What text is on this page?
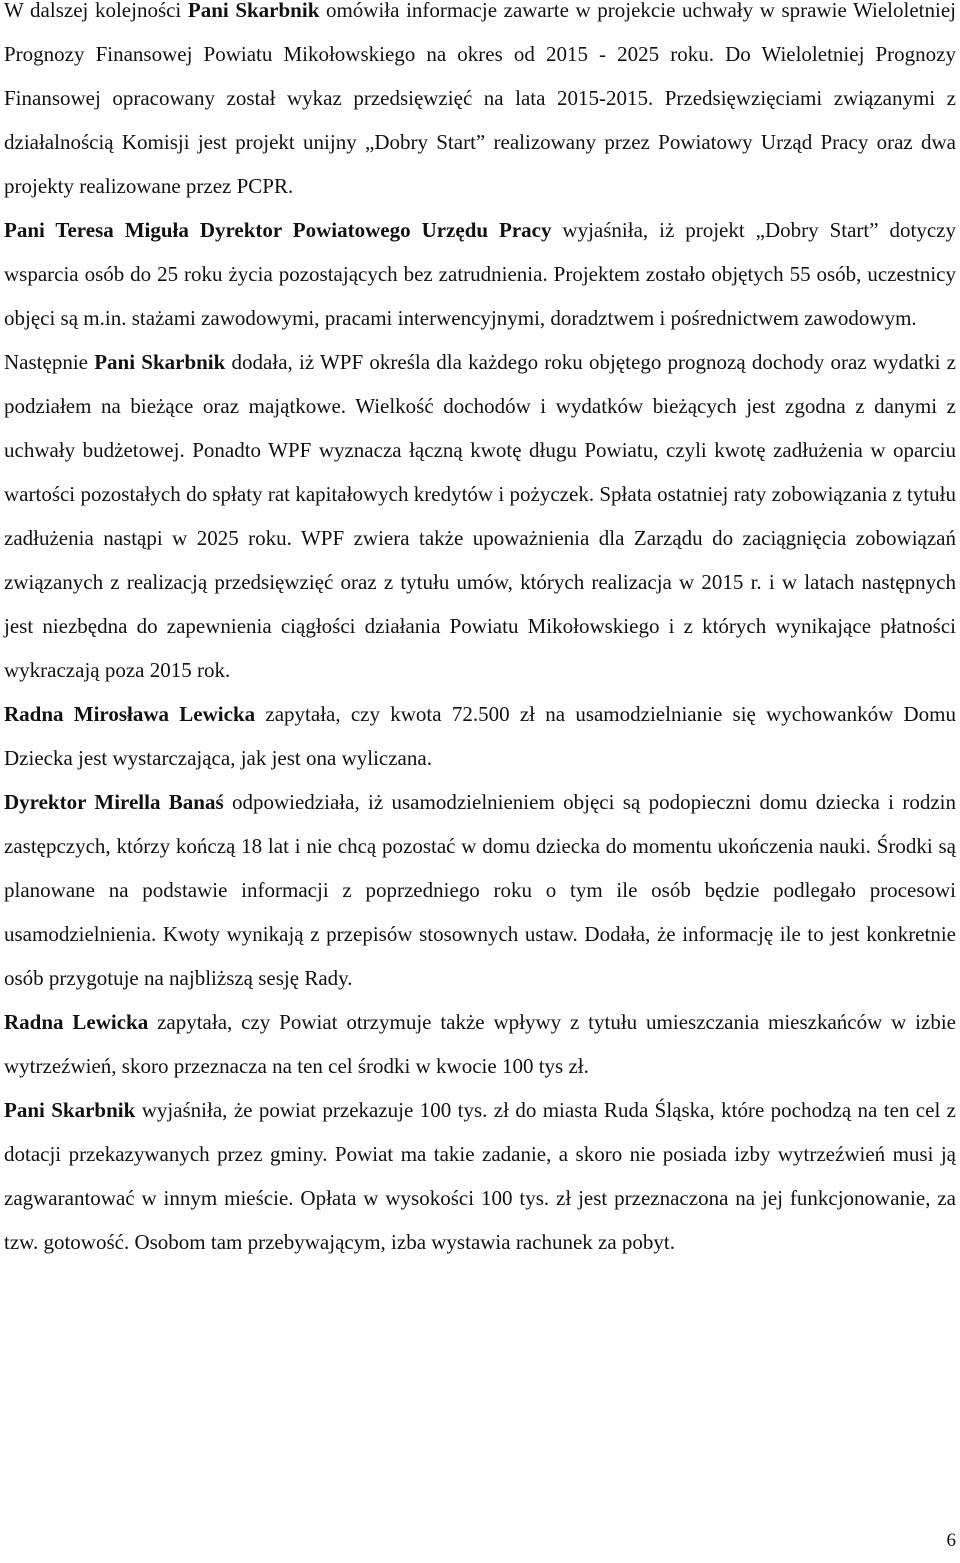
W dalszej kolejności Pani Skarbnik omówiła informacje zawarte w projekcie uchwały w sprawie Wieloletniej Prognozy Finansowej Powiatu Mikołowskiego na okres od 2015 - 2025 roku. Do Wieloletniej Prognozy Finansowej opracowany został wykaz przedsięwzięć na lata 2015-2015. Przedsięwzięciami związanymi z działalnością Komisji jest projekt unijny „Dobry Start” realizowany przez Powiatowy Urząd Pracy oraz dwa projekty realizowane przez PCPR.

Pani Teresa Miguła Dyrektor Powiatowego Urzędu Pracy wyjaśniła, iż projekt „Dobry Start” dotyczy wsparcia osób do 25 roku życia pozostających bez zatrudnienia. Projektem zostało objętych 55 osób, uczestnicy objęci są m.in. stażami zawodowymi, pracami interwencyjnymi, doradztwem i pośrednictwem zawodowym.

Następnie Pani Skarbnik dodała, iż WPF określa dla każdego roku objętego prognozą dochody oraz wydatki z podziałem na bieżące oraz majątkowe. Wielkość dochodów i wydatków bieżących jest zgodna z danymi z uchwały budżetowej. Ponadto WPF wyznacza łączną kwotę długu Powiatu, czyli kwotę zadłużenia w oparciu wartości pozostałych do spłaty rat kapitałowych kredytów i pożyczek. Spłata ostatniej raty zobowiązania z tytułu zadłużenia nastąpi w 2025 roku. WPF zwiera także upoważnienia dla Zarządu do zaciągnięcia zobowiązań związanych z realizacją przedsięwzięć oraz z tytułu umów, których realizacja w 2015 r. i w latach następnych jest niezbędna do zapewnienia ciągłości działania Powiatu Mikołowskiego i z których wynikające płatności wykraczają poza 2015 rok.

Radna Mirosława Lewicka zapytała, czy kwota 72.500 zł na usamodzielnianie się wychowanków Domu Dziecka jest wystarczająca, jak jest ona wyliczana.

Dyrektor Mirella Banaś odpowiedziała, iż usamodzielnieniem objęci są podopieczni domu dziecka i rodzin zastępczych, którzy kończą 18 lat i nie chcą pozostać w domu dziecka do momentu ukończenia nauki. Środki są planowane na podstawie informacji z poprzedniego roku o tym ile osób będzie podlegało procesowi usamodzielnienia. Kwoty wynikają z przepisów stosownych ustaw. Dodała, że informację ile to jest konkretnie osób przygotuje na najbliższą sesję Rady.

Radna Lewicka zapytała, czy Powiat otrzymuje także wpływy z tytułu umieszczania mieszkańców w izbie wytrzeźwień, skoro przeznacza na ten cel środki w kwocie 100 tys zł.

Pani Skarbnik wyjaśniła, że powiat przekazuje 100 tys. zł do miasta Ruda Śląska, które pochodzą na ten cel z dotacji przekazywanych przez gminy. Powiat ma takie zadanie, a skoro nie posiada izby wytrzeźwień musi ją zagwarantować w innym mieście. Opłata w wysokości 100 tys. zł jest przeznaczona na jej funkcjonowanie, za tzw. gotowość. Osobom tam przebywającym, izba wystawia rachunek za pobyt.

6
